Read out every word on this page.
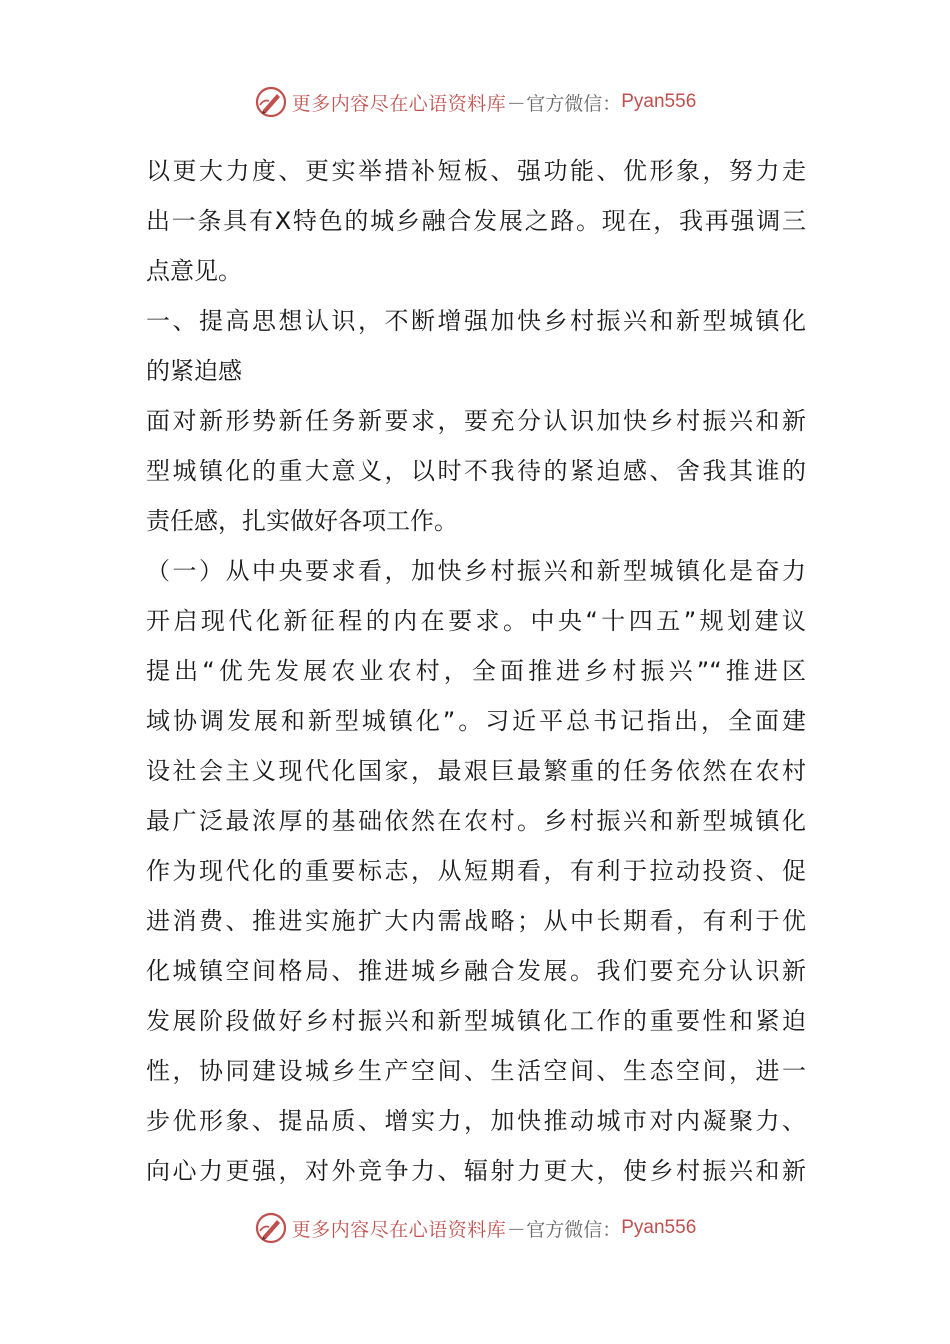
更多内容尽在心语资料库 — 官方微信： Pyan556
以更大力度、更实举措补短板、强功能、优形象，努力走
出一条具有X特色的城乡融合发展之路。现在，我再强调三
点意见。
一、提高思想认识，不断增强加快乡村振兴和新型城镇化
的紧迫感
面对新形势新任务新要求，要充分认识加快乡村振兴和新
型城镇化的重大意义，以时不我待的紧迫感、舍我其谁的
责任感，扎实做好各项工作。
（一）从中央要求看，加快乡村振兴和新型城镇化是奋力
开启现代化新征程的内在要求。中央“十四五”规划建议
提出“优先发展农业农村，全面推进乡村振兴”“推进区
域协调发展和新型城镇化”。习近平总书记指出，全面建
设社会主义现代化国家，最艰巨最繁重的任务依然在农村
最广泛最浓厚的基础依然在农村。乡村振兴和新型城镇化
作为现代化的重要标志，从短期看，有利于拉动投资、促
进消费、推进实施扩大内需战略；从中长期看，有利于优
化城镇空间格局、推进城乡融合发展。我们要充分认识新
发展阶段做好乡村振兴和新型城镇化工作的重要性和紧迫
性，协同建设城乡生产空间、生活空间、生态空间，进一
步优形象、提品质、增实力，加快推动城市对内凝聚力、
向心力更强，对外竞争力、辐射力更大，使乡村振兴和新
更多内容尽在心语资料库 — 官方微信： Pyan556
